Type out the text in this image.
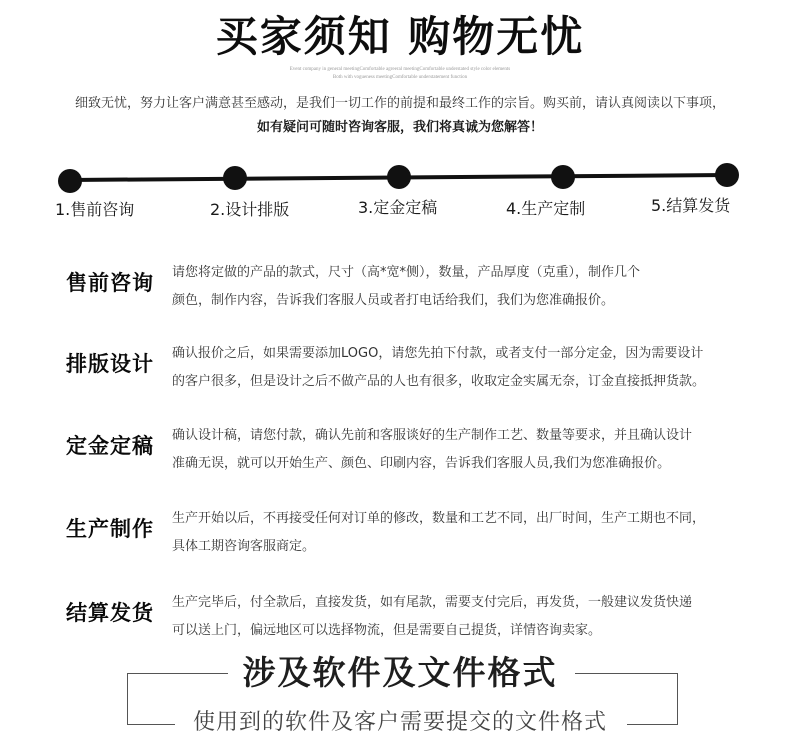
买家须知 购物无忧
Event company in general meetingComfortable agreeral meetingComfortable understated style color elements
Both with vogueness meetingComfortable understatement function
细致无忧，努力让客户满意甚至感动，是我们一切工作的前提和最终工作的宗旨。购买前，请认真阅读以下事项，
如有疑问可随时咨询客服，我们将真诚为您解答！
1.售前咨询	2.设计排版	3.定金定稿	4.生产定制	5.结算发货
售前咨询 请您将定做的产品的款式，尺寸（高*宽*侧），数量，产品厚度（克重），制作几个
颜色，制作内容，告诉我们客服人员或者打电话给我们，我们为您准确报价。
排版设计 确认报价之后，如果需要添加LOGO，请您先拍下付款，或者支付一部分定金，因为需要设计
的客户很多，但是设计之后不做产品的人也有很多，收取定金实属无奈，订金直接抵押货款。
定金定稿 确认设计稿，请您付款，确认先前和客服谈好的生产制作工艺、数量等要求，并且确认设计
准确无误，就可以开始生产、颜色、印刷内容，告诉我们客服人员,我们为您准确报价。
生产制作 生产开始以后，不再接受任何对订单的修改，数量和工艺不同，出厂时间，生产工期也不同，
具体工期咨询客服商定。
结算发货 生产完毕后，付全款后，直接发货，如有尾款，需要支付完后，再发货，一般建议发货快递
可以送上门，偏远地区可以选择物流，但是需要自己提货，详情咨询卖家。
涉及软件及文件格式
使用到的软件及客户需要提交的文件格式
